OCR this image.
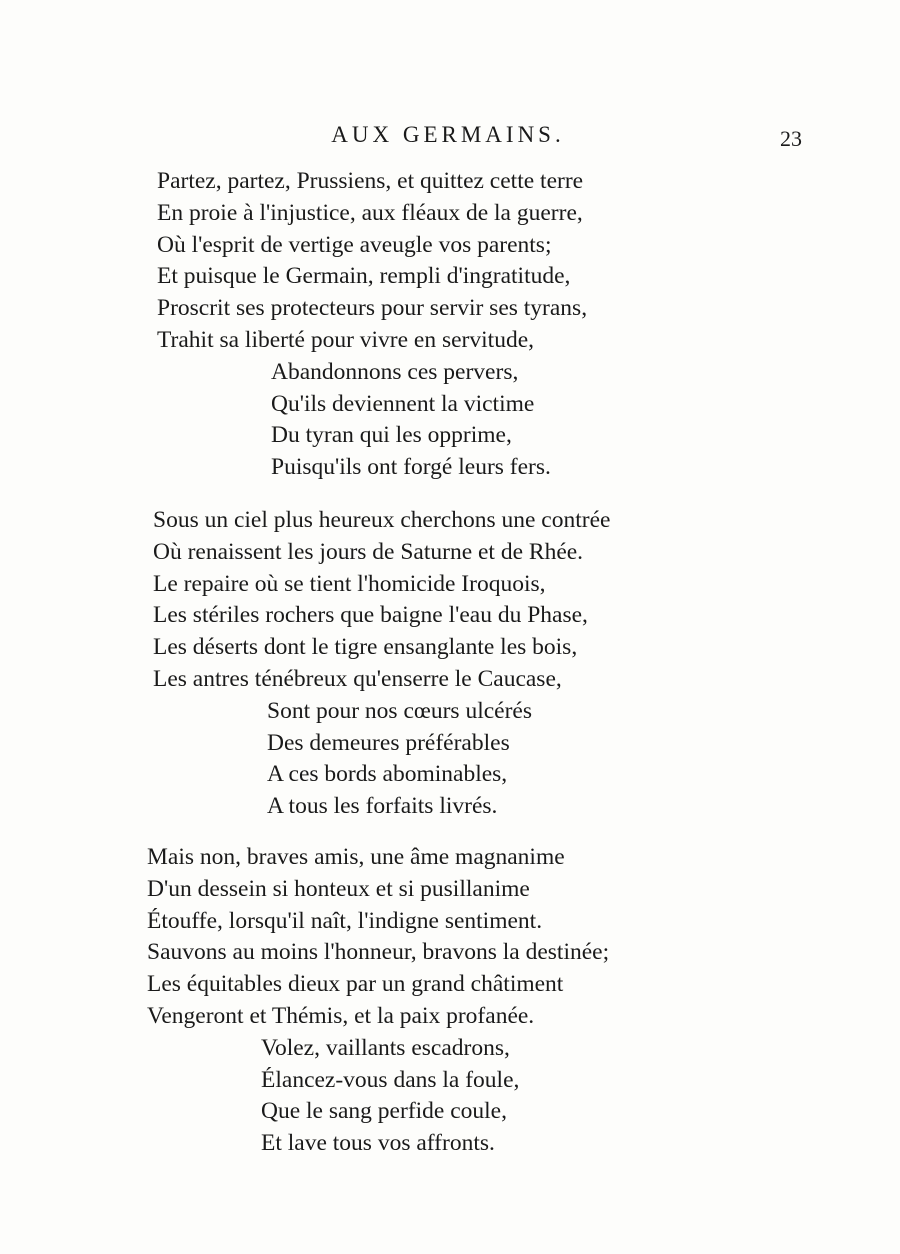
AUX GERMAINS.	23
Partez, partez, Prussiens, et quittez cette terre
En proie à l'injustice, aux fléaux de la guerre,
Où l'esprit de vertige aveugle vos parents;
Et puisque le Germain, rempli d'ingratitude,
Proscrit ses protecteurs pour servir ses tyrans,
Trahit sa liberté pour vivre en servitude,
Abandonnons ces pervers,
Qu'ils deviennent la victime
Du tyran qui les opprime,
Puisqu'ils ont forgé leurs fers.
Sous un ciel plus heureux cherchons une contrée
Où renaissent les jours de Saturne et de Rhée.
Le repaire où se tient l'homicide Iroquois,
Les stériles rochers que baigne l'eau du Phase,
Les déserts dont le tigre ensanglante les bois,
Les antres ténébreux qu'enserre le Caucase,
Sont pour nos cœurs ulcérés
Des demeures préférables
A ces bords abominables,
A tous les forfaits livrés.
Mais non, braves amis, une âme magnanime
D'un dessein si honteux et si pusillanime
Étouffe, lorsqu'il naît, l'indigne sentiment.
Sauvons au moins l'honneur, bravons la destinée;
Les équitables dieux par un grand châtiment
Vengeront et Thémis, et la paix profanée.
Volez, vaillants escadrons,
Élancez-vous dans la foule,
Que le sang perfide coule,
Et lave tous vos affronts.
